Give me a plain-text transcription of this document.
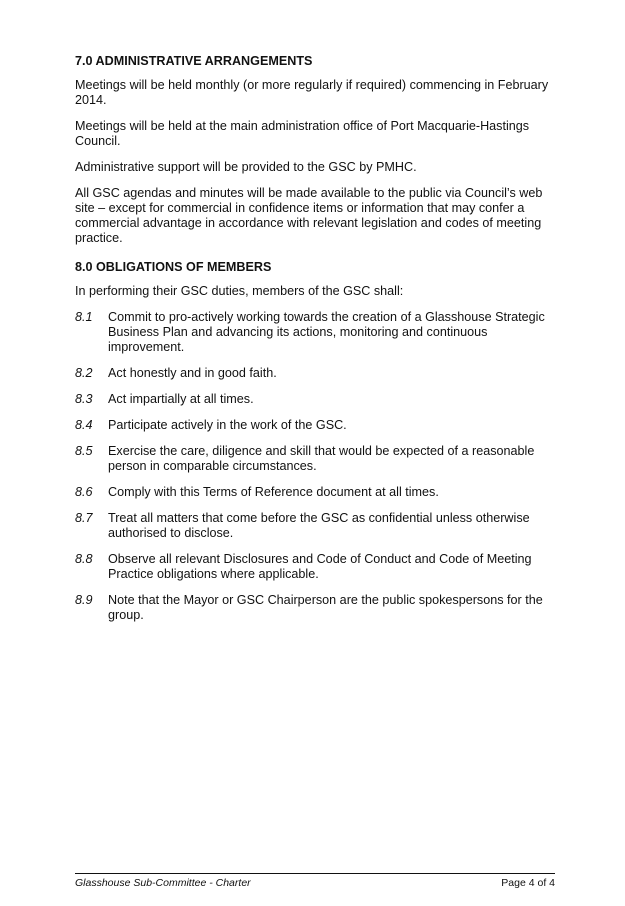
7.0 ADMINISTRATIVE ARRANGEMENTS

Meetings will be held monthly (or more regularly if required) commencing in February 2014.

Meetings will be held at the main administration office of Port Macquarie-Hastings Council.

Administrative support will be provided to the GSC by PMHC.

All GSC agendas and minutes will be made available to the public via Council’s web site – except for commercial in confidence items or information that may confer a commercial advantage in accordance with relevant legislation and codes of meeting practice.

8.0 OBLIGATIONS OF MEMBERS

In performing their GSC duties, members of the GSC shall:

8.1	Commit to pro-actively working towards the creation of a Glasshouse Strategic Business Plan and advancing its actions, monitoring and continuous improvement.
8.2	Act honestly and in good faith.
8.3	Act impartially at all times.
8.4	Participate actively in the work of the GSC.
8.5	Exercise the care, diligence and skill that would be expected of a reasonable person in comparable circumstances.
8.6	Comply with this Terms of Reference document at all times.
8.7	Treat all matters that come before the GSC as confidential unless otherwise authorised to disclose.
8.8	Observe all relevant Disclosures and Code of Conduct and Code of Meeting Practice obligations where applicable.
8.9	Note that the Mayor or GSC Chairperson are the public spokespersons for the group.
Glasshouse Sub-Committee - Charter	Page 4 of 4
